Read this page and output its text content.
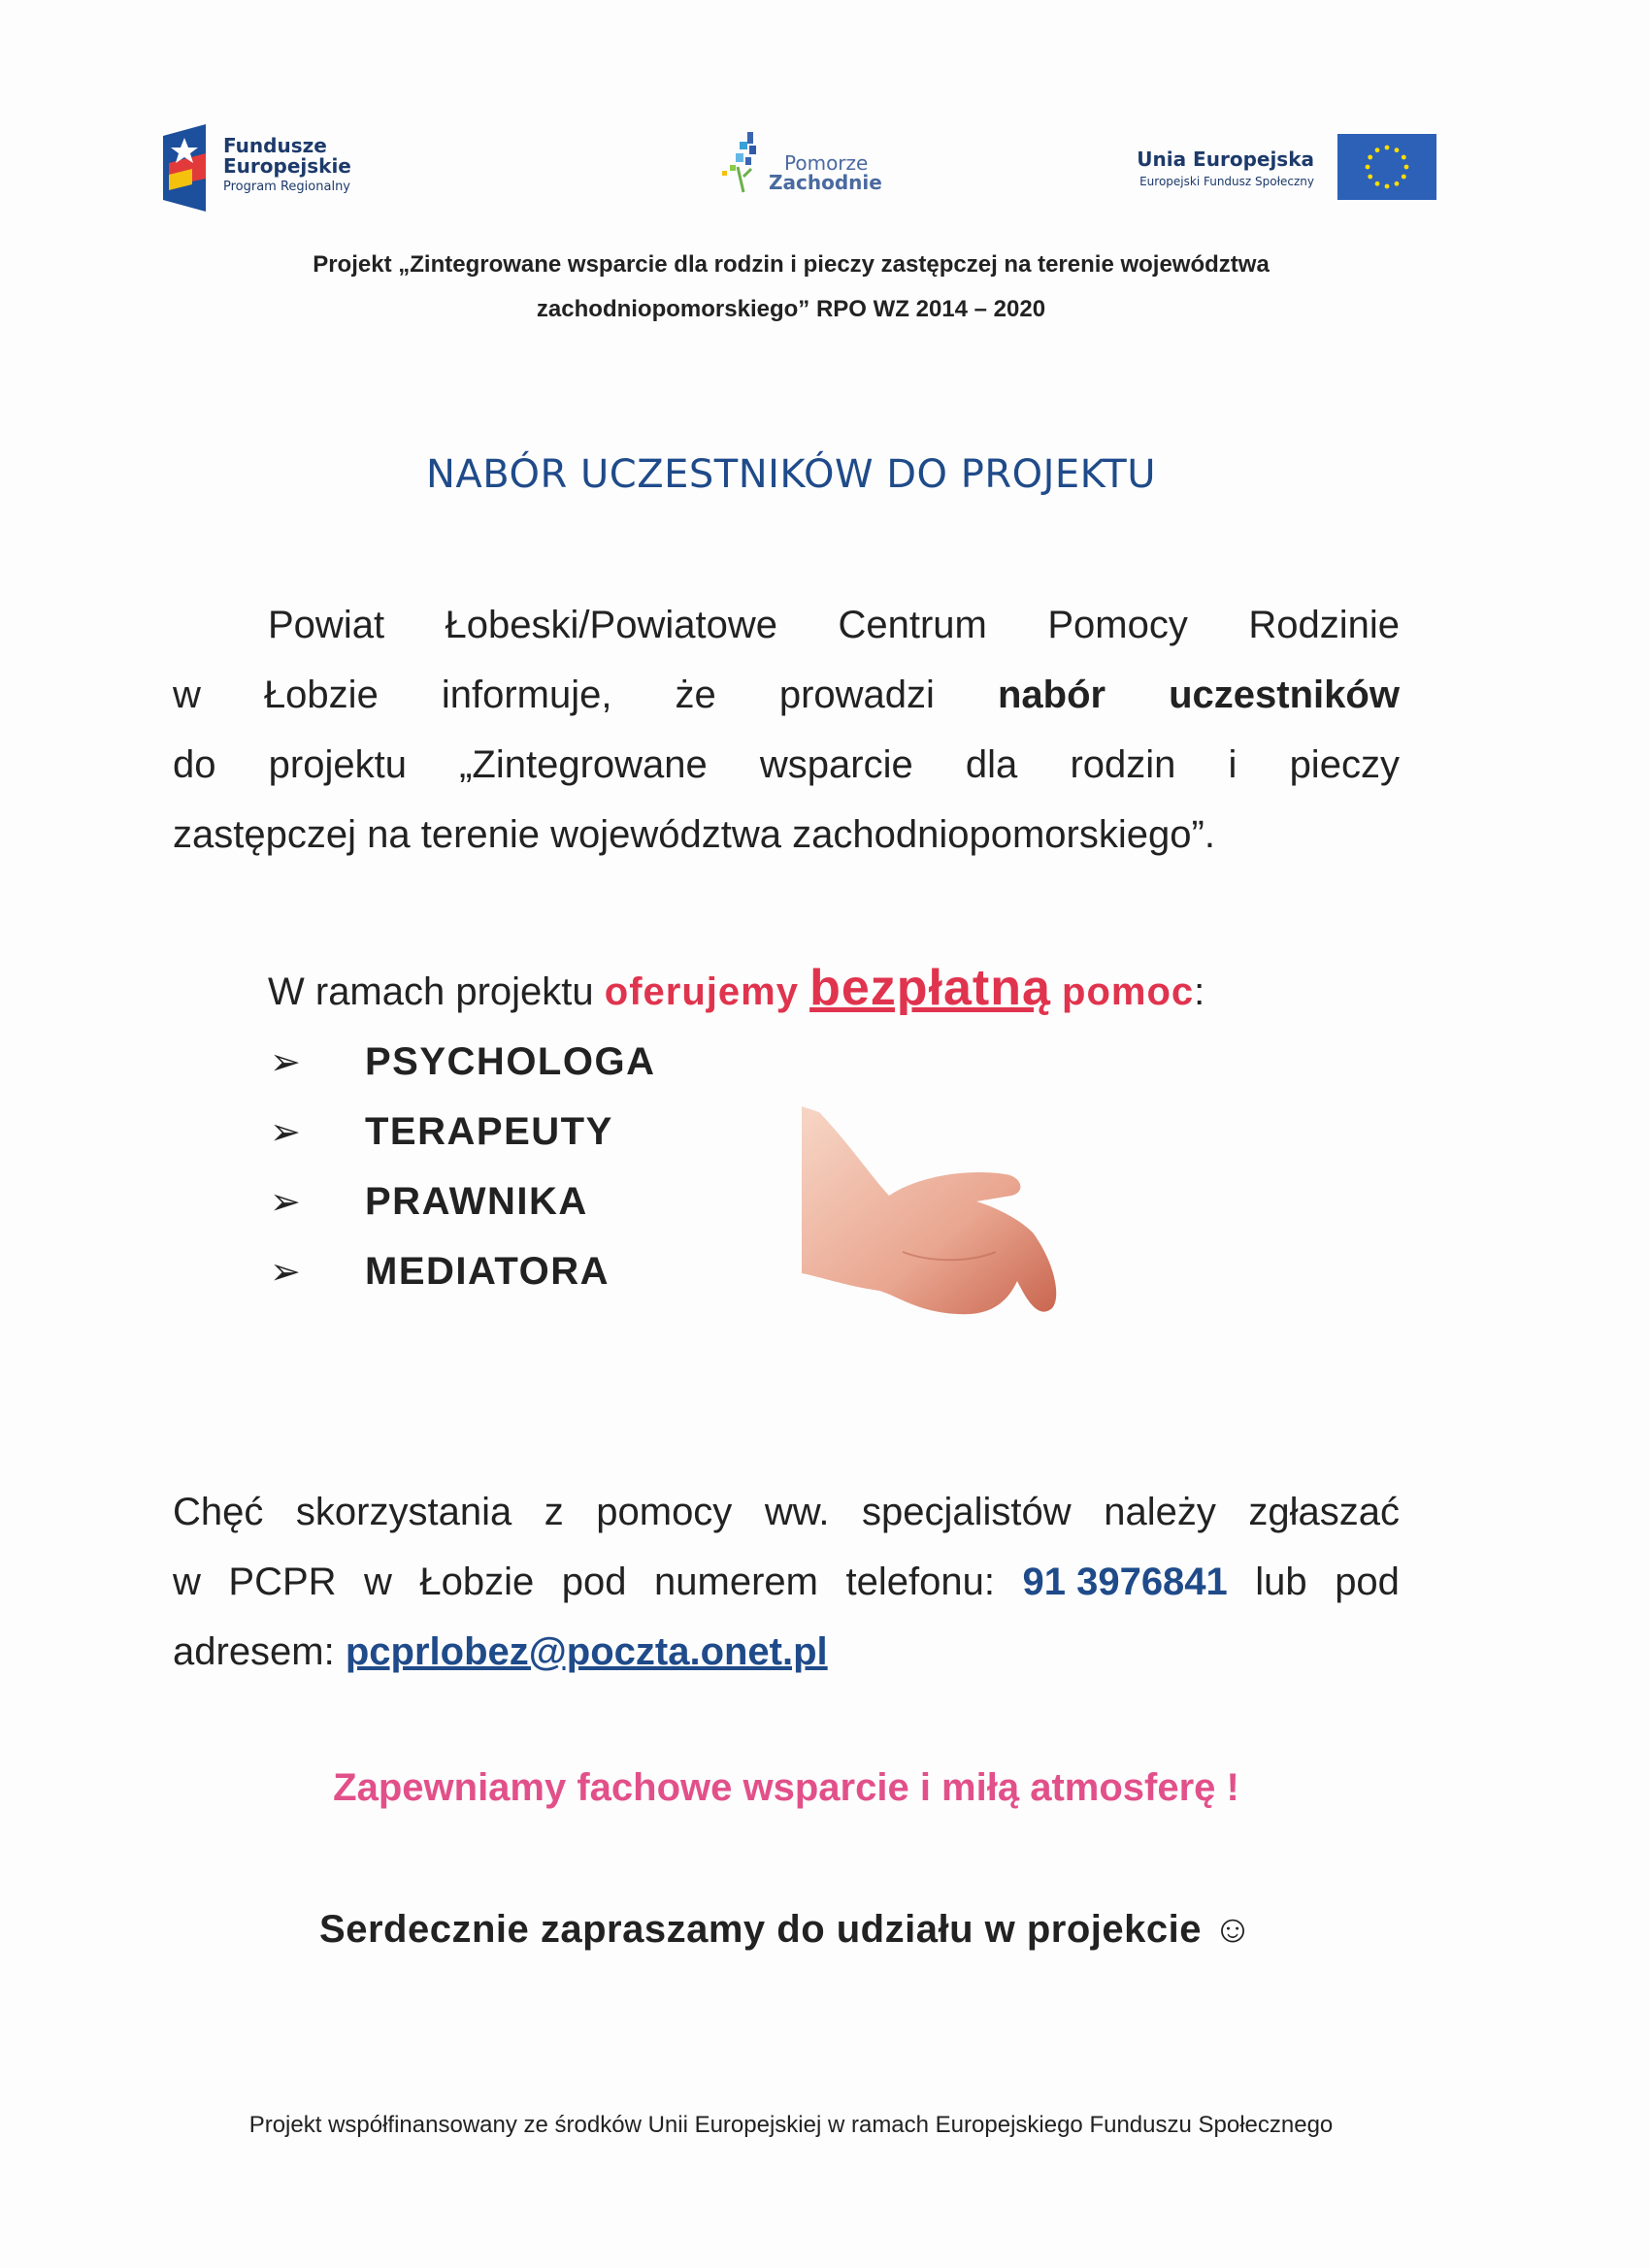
Fundusze
Europejskie
Program Regionalny
Pomorze
Zachodnie
Unia Europejska
Europejski Fundusz Społeczny
Projekt „Zintegrowane wsparcie dla rodzin i pieczy zastępczej na terenie województwa
zachodniopomorskiego” RPO WZ 2014 – 2020
NABÓR UCZESTNIKÓW DO PROJEKTU
Powiat Łobeski/Powiatowe Centrum Pomocy Rodzinie
w Łobzie informuje, że prowadzi nabór uczestników
do projektu „Zintegrowane wsparcie dla rodzin i pieczy
zastępczej na terenie województwa zachodniopomorskiego”.
W ramach projektu oferujemy bezpłatną pomoc:
➢ PSYCHOLOGA
➢ TERAPEUTY
➢ PRAWNIKA
➢ MEDIATORA
Chęć skorzystania z pomocy ww. specjalistów należy zgłaszać
w PCPR w Łobzie pod numerem telefonu: 91 3976841 lub pod
adresem: pcprlobez@poczta.onet.pl
Zapewniamy fachowe wsparcie i miłą atmosferę !
Serdecznie zapraszamy do udziału w projekcie ☺
Projekt współfinansowany ze środków Unii Europejskiej w ramach Europejskiego Funduszu Społecznego
